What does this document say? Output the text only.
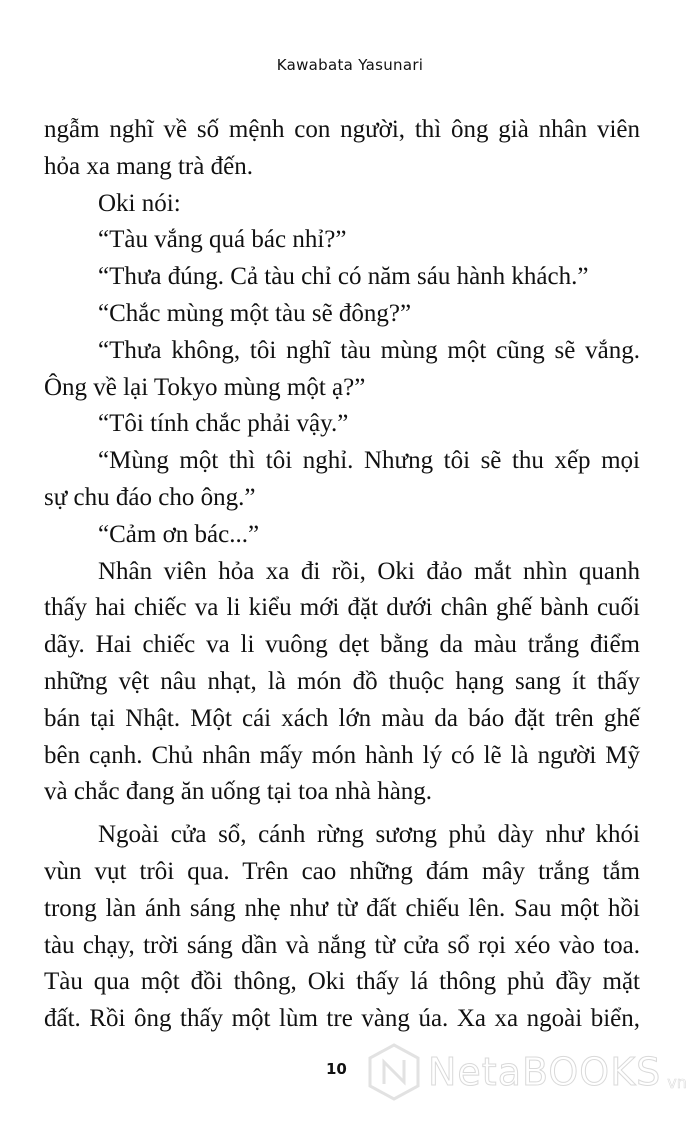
Kawabata Yasunari
ngẫm nghĩ về số mệnh con người, thì ông già nhân viên
hỏa xa mang trà đến.
Oki nói:
“Tàu vắng quá bác nhỉ?”
“Thưa đúng. Cả tàu chỉ có năm sáu hành khách.”
“Chắc mùng một tàu sẽ đông?”
“Thưa không, tôi nghĩ tàu mùng một cũng sẽ vắng.
Ông về lại Tokyo mùng một ạ?”
“Tôi tính chắc phải vậy.”
“Mùng một thì tôi nghỉ. Nhưng tôi sẽ thu xếp mọi
sự chu đáo cho ông.”
“Cảm ơn bác...”
Nhân viên hỏa xa đi rồi, Oki đảo mắt nhìn quanh
thấy hai chiếc va li kiểu mới đặt dưới chân ghế bành cuối
dãy. Hai chiếc va li vuông dẹt bằng da màu trắng điểm
những vệt nâu nhạt, là món đồ thuộc hạng sang ít thấy
bán tại Nhật. Một cái xách lớn màu da báo đặt trên ghế
bên cạnh. Chủ nhân mấy món hành lý có lẽ là người Mỹ
và chắc đang ăn uống tại toa nhà hàng.
Ngoài cửa sổ, cánh rừng sương phủ dày như khói
vùn vụt trôi qua. Trên cao những đám mây trắng tắm
trong làn ánh sáng nhẹ như từ đất chiếu lên. Sau một hồi
tàu chạy, trời sáng dần và nắng từ cửa sổ rọi xéo vào toa.
Tàu qua một đồi thông, Oki thấy lá thông phủ đầy mặt
đất. Rồi ông thấy một lùm tre vàng úa. Xa xa ngoài biển,
10 NetaBOOKS vn
